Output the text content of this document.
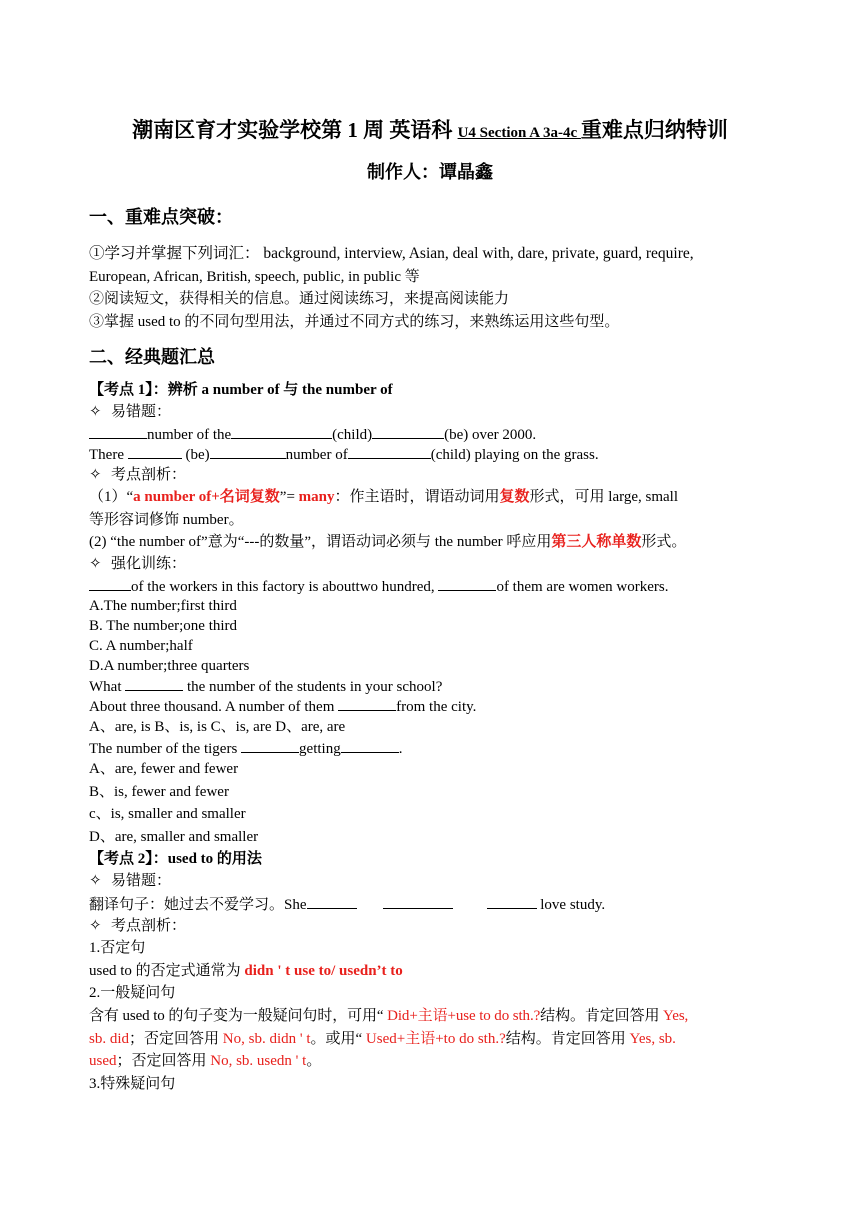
潮南区育才实验学校第 1 周 英语科 U4 Section A 3a-4c 重难点归纳特训
制作人：谭晶鑫
一、重难点突破：
①学习并掌握下列词汇： background, interview, Asian, deal with, dare, private, guard, require,
European, African, British, speech, public, in public 等
②阅读短文，获得相关的信息。通过阅读练习，来提高阅读能力
③掌握 used to 的不同句型用法，并通过不同方式的练习，来熟练运用这些句型。
二、经典题汇总
【考点 1】：辨析 a number of 与 the number of
✧ 易错题：
number of the	(child)	(be) over 2000.
There	(be)	number of	(child) playing on the grass.
✧ 考点剖析：
（1）“a number of+名词复数”= many：作主语时，谓语动词用复数形式，可用 large, small
等形容词修饰 number。
(2) “the number of”意为“---的数量”，谓语动词必须与 the number 呼应用第三人称单数形式。
✧ 强化训练：
of the workers in this factory is abouttwo hundred,	of them are women workers.
A.The number;first third
B. The number;one third
C. A number;half
D.A number;three quarters
What	the number of the students in your school?
About three thousand. A number of them	from the city.
A、are, is B、is, is C、is, are D、are, are
The number of the tigers	getting	.
A、are, fewer and fewer
B、is, fewer and fewer
c、is, smaller and smaller
D、are, smaller and smaller
【考点 2】：used to 的用法
✧ 易错题：
翻译句子：她过去不爱学习。She	love study.
✧ 考点剖析：
1.否定句
used to 的否定式通常为 didn ' t use to/ usedn’t to
2.一般疑问句
含有 used to 的句子变为一般疑问句时，可用“ Did+主语+use to do sth.?结构。肯定回答用 Yes,
sb. did；否定回答用 No, sb. didn ' t。或用“ Used+主语+to do sth.?结构。肯定回答用 Yes, sb.
used；否定回答用 No, sb. usedn ' t。
3.特殊疑问句
